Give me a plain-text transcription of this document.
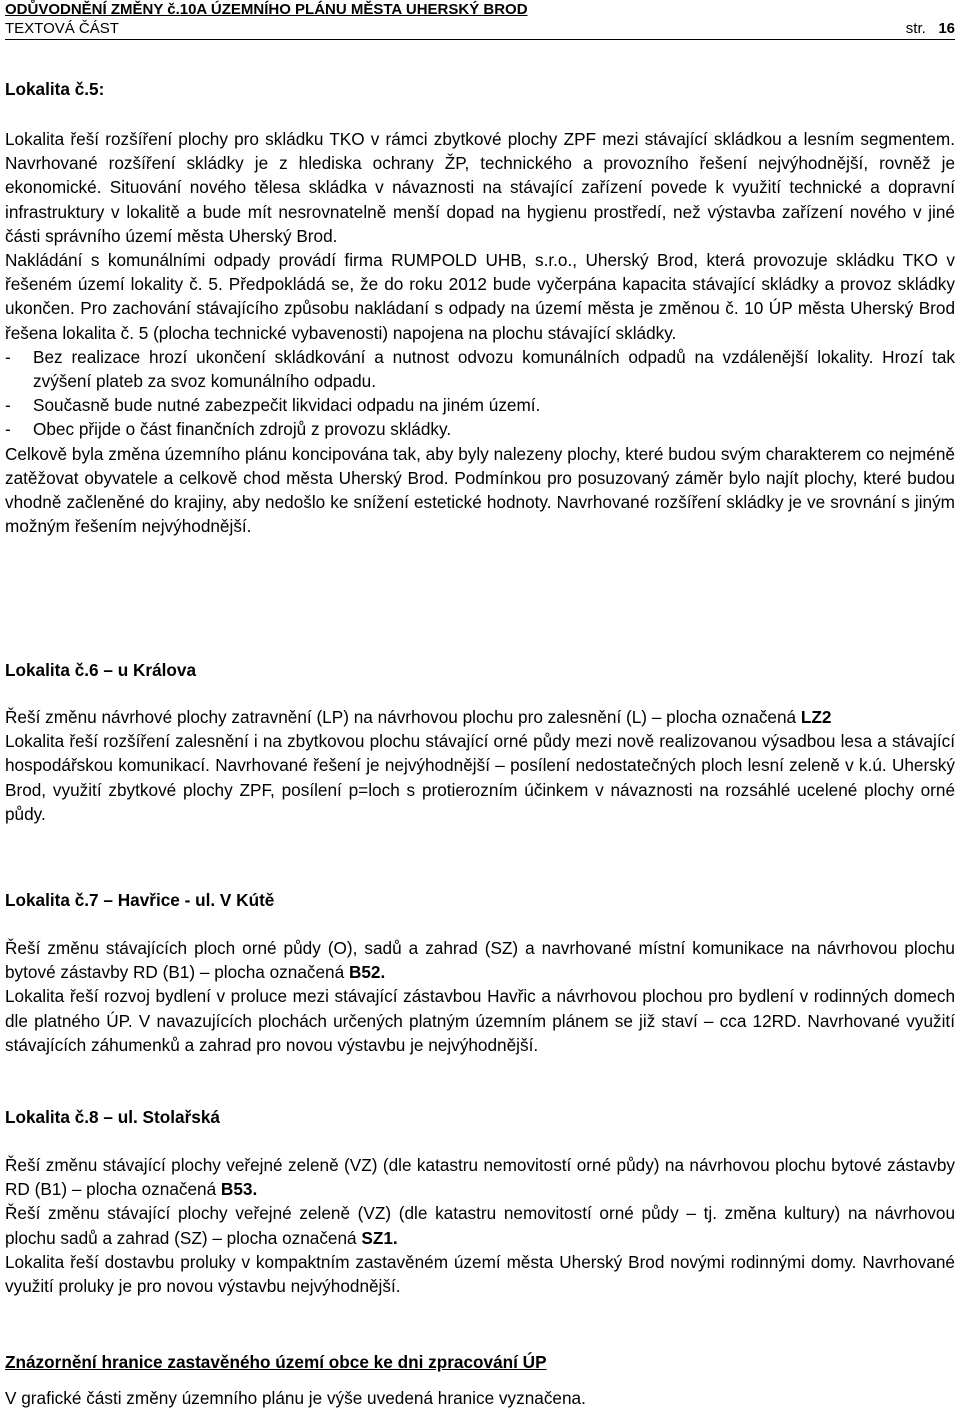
ODŮVODNĚNÍ ZMĚNY č.10A ÚZEMNÍHO PLÁNU MĚSTA UHERSKÝ BROD
TEXTOVÁ ČÁST	str. 16
Lokalita č.5:

Lokalita řeší rozšíření plochy pro skládku TKO v rámci zbytkové plochy ZPF mezi stávající skládkou a lesním segmentem. Navrhované rozšíření skládky je z hlediska ochrany ŽP, technického a provozního řešení nejvýhodnější, rovněž je ekonomické. Situování nového tělesa skládka v návaznosti na stávající zařízení povede k využití technické a dopravní infrastruktury v lokalitě a bude mít nesrovnatelně menší dopad na hygienu prostředí, než výstavba zařízení nového v jiné části správního území města Uherský Brod.

Nakládání s komunálními odpady provádí firma RUMPOLD UHB, s.r.o., Uherský Brod, která provozuje skládku TKO v řešeném území lokality č. 5. Předpokládá se, že do roku 2012 bude vyčerpána kapacita stávající skládky a provoz skládky ukončen. Pro zachování stávajícího způsobu nakládaní s odpady na území města je změnou č. 10 ÚP města Uherský Brod řešena lokalita č. 5 (plocha technické vybavenosti) napojena na plochu stávající skládky.

-	Bez realizace hrozí ukončení skládkování a nutnost odvozu komunálních odpadů na vzdálenější lokality. Hrozí tak zvýšení plateb za svoz komunálního odpadu.
-	Současně bude nutné zabezpečit likvidaci odpadu na jiném území.
-	Obec přijde o část finančních zdrojů z provozu skládky.

Celkově byla změna územního plánu koncipována tak, aby byly nalezeny plochy, které budou svým charakterem co nejméně zatěžovat obyvatele a celkově chod města Uherský Brod. Podmínkou pro posuzovaný záměr bylo najít plochy, které budou vhodně začleněné do krajiny, aby nedošlo ke snížení estetické hodnoty. Navrhované rozšíření skládky je ve srovnání s jiným možným řešením nejvýhodnější.

Lokalita č.6 – u Králova

Řeší změnu návrhové plochy zatravnění (LP) na návrhovou plochu pro zalesnění (L) – plocha označená LZ2

Lokalita řeší rozšíření zalesnění i na zbytkovou plochu stávající orné půdy mezi nově realizovanou výsadbou lesa a stávající hospodářskou komunikací. Navrhované řešení je nejvýhodnější – posílení nedostatečných ploch lesní zeleně v k.ú. Uherský Brod, využití zbytkové plochy ZPF, posílení p=loch s protierozním účinkem v návaznosti na rozsáhlé ucelené plochy orné půdy.

Lokalita č.7 – Havřice - ul. V Kútě

Řeší změnu stávajících ploch orné půdy (O), sadů a zahrad (SZ) a navrhované místní komunikace na návrhovou plochu bytové zástavby RD (B1) – plocha označená B52.

Lokalita řeší rozvoj bydlení v proluce mezi stávající zástavbou Havřic a návrhovou plochou pro bydlení v rodinných domech dle platného ÚP. V navazujících plochách určených platným územním plánem se již staví – cca 12RD. Navrhované využití stávajících záhumenků a zahrad pro novou výstavbu je nejvýhodnější.

Lokalita č.8 – ul. Stolařská

Řeší změnu stávající plochy veřejné zeleně (VZ) (dle katastru nemovitostí orné půdy) na návrhovou plochu bytové zástavby RD (B1) – plocha označená B53.

Řeší změnu stávající plochy veřejné zeleně (VZ) (dle katastru nemovitostí orné půdy – tj. změna kultury) na návrhovou plochu sadů a zahrad (SZ) – plocha označená SZ1.

Lokalita řeší dostavbu proluky v kompaktním zastavěném území města Uherský Brod novými rodinnými domy. Navrhované využití proluky je pro novou výstavbu nejvýhodnější.

Znázornění hranice zastavěného území obce ke dni zpracování ÚP

V grafické části změny územního plánu je výše uvedená hranice vyznačena.
